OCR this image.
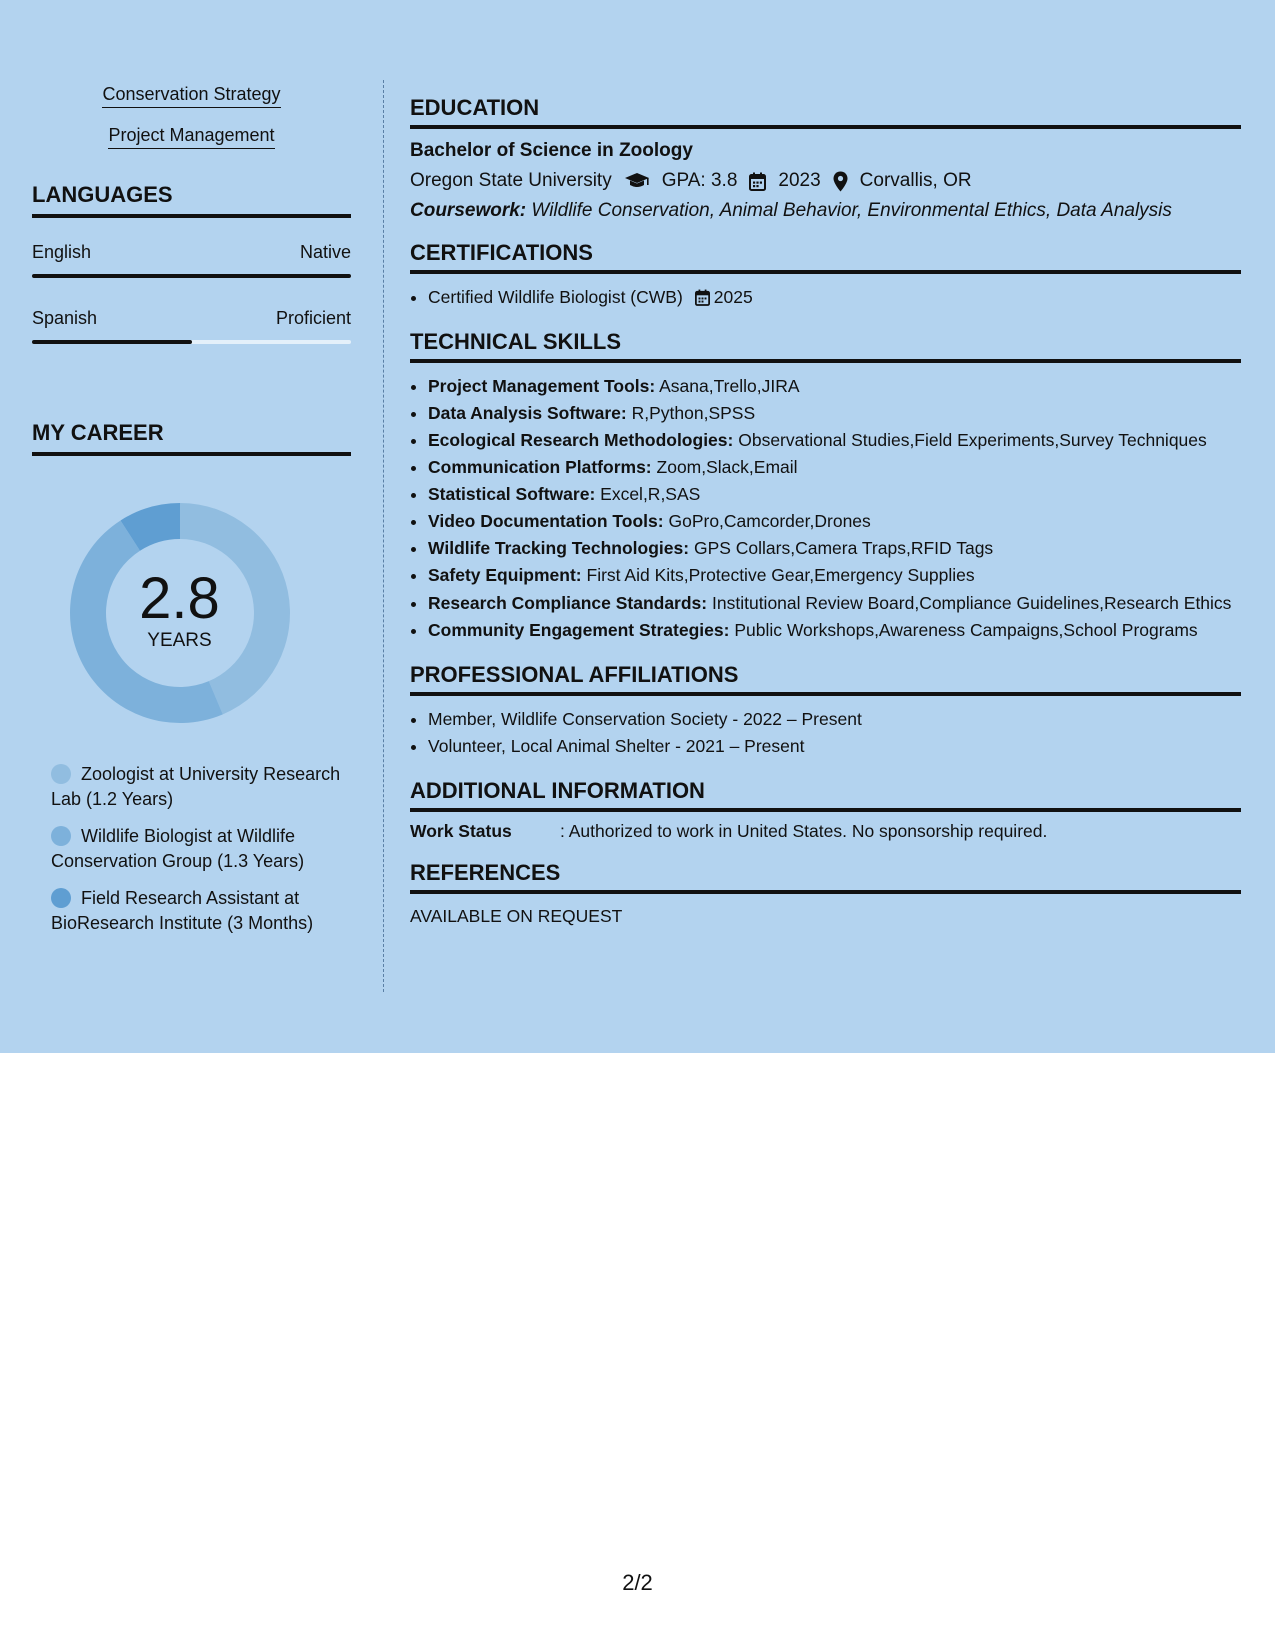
Conservation Strategy
Project Management
LANGUAGES
English	Native
Spanish	Proficient
MY CAREER
2.8
YEARS
Zoologist at University Research Lab (1.2 Years)
Wildlife Biologist at Wildlife Conservation Group (1.3 Years)
Field Research Assistant at BioResearch Institute (3 Months)
EDUCATION
Bachelor of Science in Zoology
Oregon State University	GPA: 3.8 2023 Corvallis, OR
Coursework: Wildlife Conservation, Animal Behavior, Environmental Ethics, Data Analysis
CERTIFICATIONS
• Certified Wildlife Biologist (CWB) 2025
TECHNICAL SKILLS
• Project Management Tools: Asana,Trello,JIRA
• Data Analysis Software: R,Python,SPSS
• Ecological Research Methodologies: Observational Studies,Field Experiments,Survey Techniques
• Communication Platforms: Zoom,Slack,Email
• Statistical Software: Excel,R,SAS
• Video Documentation Tools: GoPro,Camcorder,Drones
• Wildlife Tracking Technologies: GPS Collars,Camera Traps,RFID Tags
• Safety Equipment: First Aid Kits,Protective Gear,Emergency Supplies
• Research Compliance Standards: Institutional Review Board,Compliance Guidelines,Research Ethics
• Community Engagement Strategies: Public Workshops,Awareness Campaigns,School Programs
PROFESSIONAL AFFILIATIONS
• Member, Wildlife Conservation Society - 2022 – Present
• Volunteer, Local Animal Shelter - 2021 – Present
ADDITIONAL INFORMATION
Work Status	: Authorized to work in United States. No sponsorship required.
REFERENCES
AVAILABLE ON REQUEST
2/2
